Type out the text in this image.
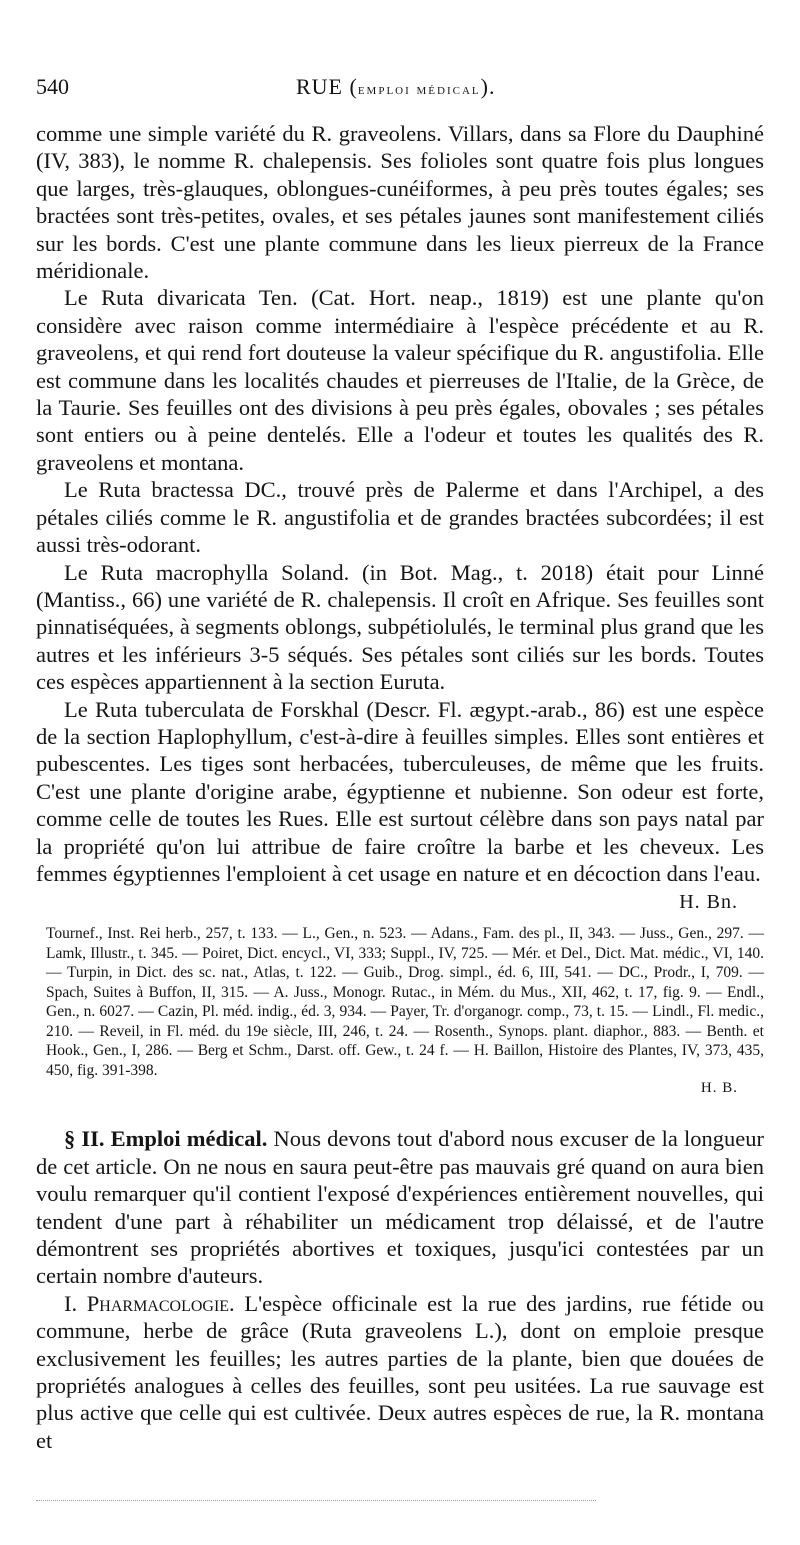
540	RUE (emploi médical).

comme une simple variété du R. graveolens. Villars, dans sa Flore du Dauphiné (IV, 383), le nomme R. chalepensis. Ses folioles sont quatre fois plus longues que larges, très-glauques, oblongues-cunéiformes, à peu près toutes égales; ses bractées sont très-petites, ovales, et ses pétales jaunes sont manifestement ciliés sur les bords. C'est une plante commune dans les lieux pierreux de la France méridionale.

Le Ruta divaricata Ten. (Cat. Hort. neap., 1819) est une plante qu'on considère avec raison comme intermédiaire à l'espèce précédente et au R. graveolens, et qui rend fort douteuse la valeur spécifique du R. angustifolia. Elle est commune dans les localités chaudes et pierreuses de l'Italie, de la Grèce, de la Taurie. Ses feuilles ont des divisions à peu près égales, obovales ; ses pétales sont entiers ou à peine dentelés. Elle a l'odeur et toutes les qualités des R. graveolens et montana.

Le Ruta bractessa DC., trouvé près de Palerme et dans l'Archipel, a des pétales ciliés comme le R. angustifolia et de grandes bractées subcordées; il est aussi très-odorant.

Le Ruta macrophylla Soland. (in Bot. Mag., t. 2018) était pour Linné (Mantiss., 66) une variété de R. chalepensis. Il croît en Afrique. Ses feuilles sont pinnatiséquées, à segments oblongs, subpétiolulés, le terminal plus grand que les autres et les inférieurs 3-5 séqués. Ses pétales sont ciliés sur les bords. Toutes ces espèces appartiennent à la section Euruta.

Le Ruta tuberculata de Forskhal (Descr. Fl. ægypt.-arab., 86) est une espèce de la section Haplophyllum, c'est-à-dire à feuilles simples. Elles sont entières et pubescentes. Les tiges sont herbacées, tuberculeuses, de même que les fruits. C'est une plante d'origine arabe, égyptienne et nubienne. Son odeur est forte, comme celle de toutes les Rues. Elle est surtout célèbre dans son pays natal par la propriété qu'on lui attribue de faire croître la barbe et les cheveux. Les femmes égyptiennes l'emploient à cet usage en nature et en décoction dans l'eau.

H. Bn.
Tournef., Inst. Rei herb., 257, t. 133. — L., Gen., n. 523. — Adans., Fam. des pl., II, 343. — Juss., Gen., 297. — Lamk, Illustr., t. 345. — Poiret, Dict. encycl., VI, 333; Suppl., IV, 725. — Mér. et Del., Dict. Mat. médic., VI, 140. — Turpin, in Dict. des sc. nat., Atlas, t. 122. — Guib., Drog. simpl., éd. 6, III, 541. — DC., Prodr., I, 709. — Spach, Suites à Buffon, II, 315. — A. Juss., Monogr. Rutac., in Mém. du Mus., XII, 462, t. 17, fig. 9. — Endl., Gen., n. 6027. — Cazin, Pl. méd. indig., éd. 3, 934. — Payer, Tr. d'organogr. comp., 73, t. 15. — Lindl., Fl. medic., 210. — Reveil, in Fl. méd. du 19e siècle, III, 246, t. 24. — Rosenth., Synops. plant. diaphor., 883. — Benth. et Hook., Gen., I, 286. — Berg et Schm., Darst. off. Gew., t. 24 f. — H. Baillon, Histoire des Plantes, IV, 373, 435, 450, fig. 391-398.
H. B.

§ II. Emploi médical. Nous devons tout d'abord nous excuser de la longueur de cet article. On ne nous en saura peut-être pas mauvais gré quand on aura bien voulu remarquer qu'il contient l'exposé d'expériences entièrement nouvelles, qui tendent d'une part à réhabiliter un médicament trop délaissé, et de l'autre démontrent ses propriétés abortives et toxiques, jusqu'ici contestées par un certain nombre d'auteurs.

I. Pharmacologie. L'espèce officinale est la rue des jardins, rue fétide ou commune, herbe de grâce (Ruta graveolens L.), dont on emploie presque exclusivement les feuilles; les autres parties de la plante, bien que douées de propriétés analogues à celles des feuilles, sont peu usitées. La rue sauvage est plus active que celle qui est cultivée. Deux autres espèces de rue, la R. montana et
